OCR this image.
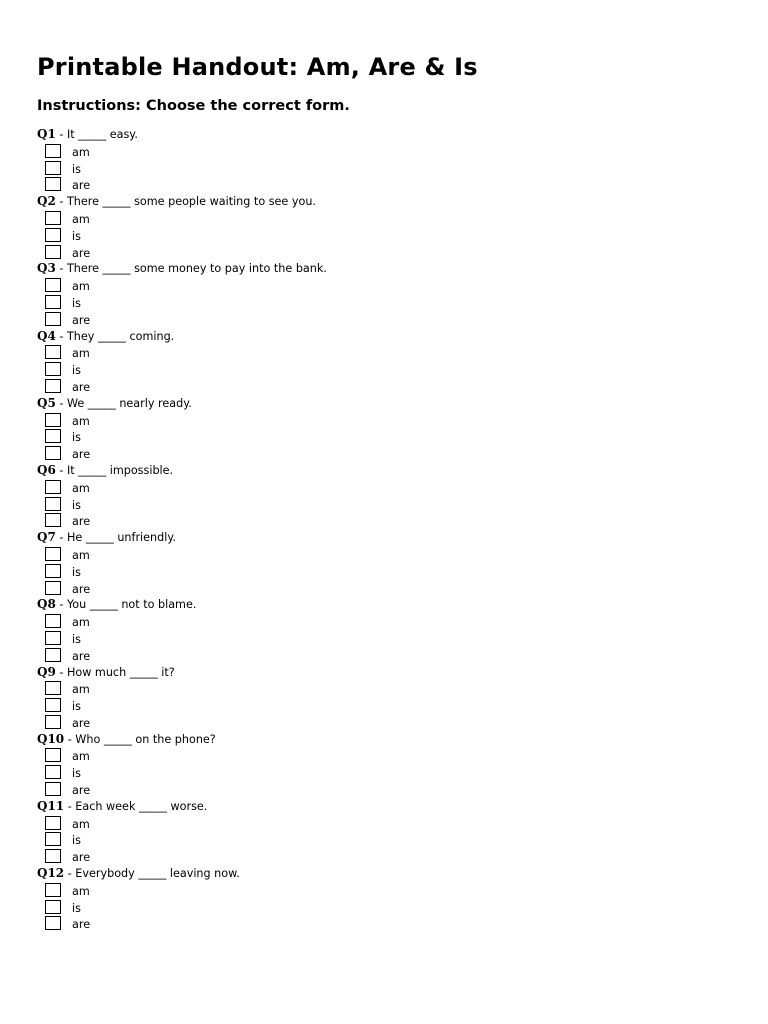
Printable Handout: Am, Are & Is
Instructions: Choose the correct form.
Q1 - It _____ easy.
am
is
are
Q2 - There _____ some people waiting to see you.
am
is
are
Q3 - There _____ some money to pay into the bank.
am
is
are
Q4 - They _____ coming.
am
is
are
Q5 - We _____ nearly ready.
am
is
are
Q6 - It _____ impossible.
am
is
are
Q7 - He _____ unfriendly.
am
is
are
Q8 - You _____ not to blame.
am
is
are
Q9 - How much _____ it?
am
is
are
Q10 - Who _____ on the phone?
am
is
are
Q11 - Each week _____ worse.
am
is
are
Q12 - Everybody _____ leaving now.
am
is
are
